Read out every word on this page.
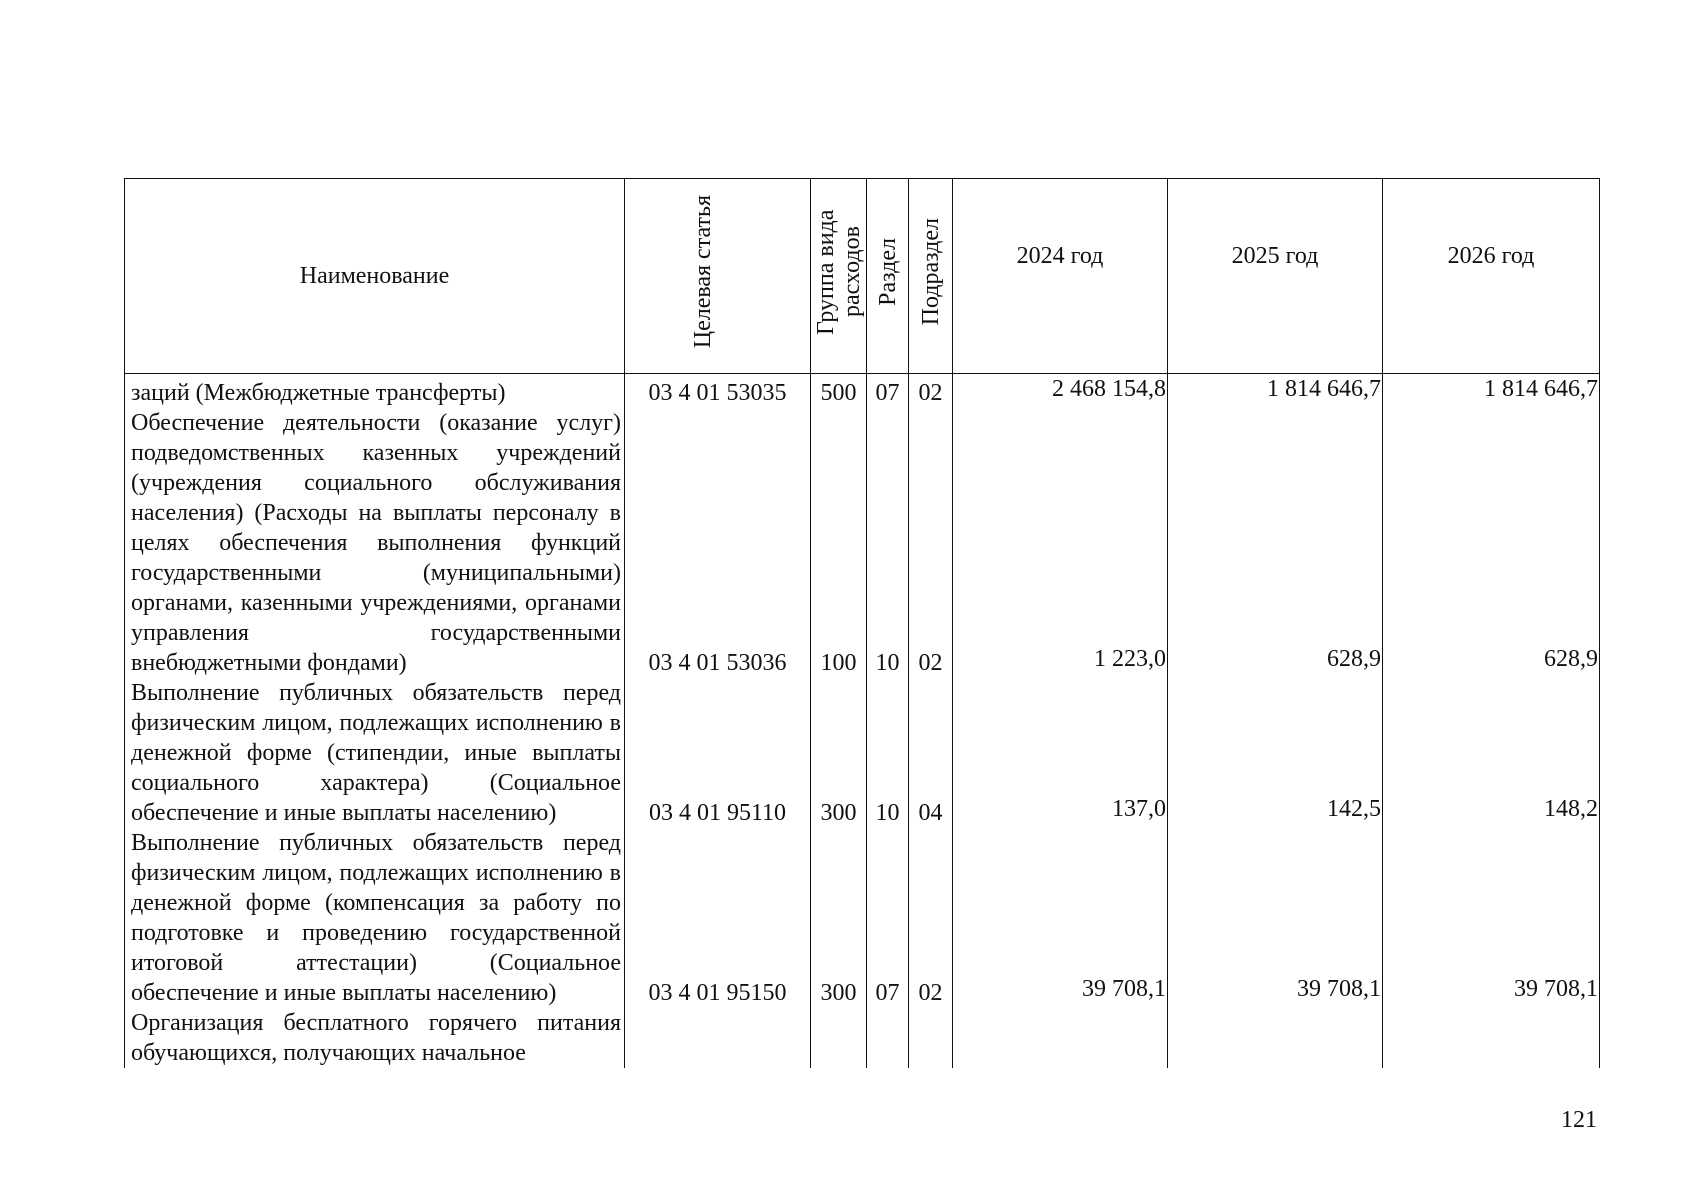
Наименование	Целевая статья	Группа вида расходов	Раздел	Подраздел	2024 год	2025 год	2026 год
заций (Межбюджетные трансферты)	03 4 01 53035	500	07	02	2 468 154,8	1 814 646,7	1 814 646,7
Обеспечение деятельности (оказание услуг) подведомственных казенных учреждений (учреждения социального обслуживания населения) (Расходы на выплаты персоналу в целях обеспечения выполнения функций государственными (муниципальными) органами, казенными учреждениями, органами управления государственными внебюджетными фондами)	03 4 01 53036	100	10	02	1 223,0	628,9	628,9
Выполнение публичных обязательств перед физическим лицом, подлежащих исполнению в денежной форме (стипендии, иные выплаты социального характера) (Социальное обеспечение и иные выплаты населению)	03 4 01 95110	300	10	04	137,0	142,5	148,2
Выполнение публичных обязательств перед физическим лицом, подлежащих исполнению в денежной форме (компенсация за работу по подготовке и проведению государственной итоговой аттестации) (Социальное обеспечение и иные выплаты населению)	03 4 01 95150	300	07	02	39 708,1	39 708,1	39 708,1
Организация бесплатного горячего питания обучающихся, получающих начальное							
121
